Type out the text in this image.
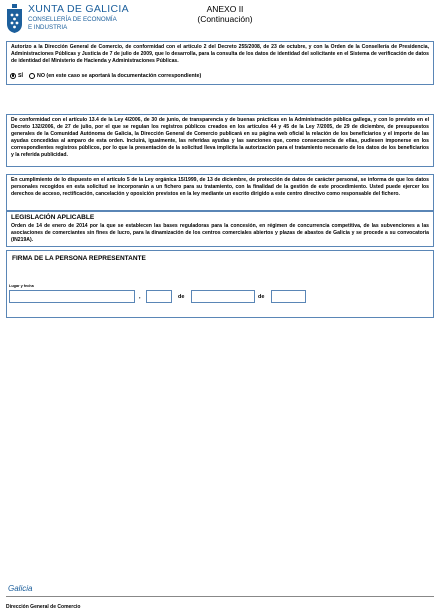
XUNTA DE GALICIA
CONSELLERÍA DE ECONOMÍA
E INDUSTRIA
ANEXO II
(Continuación)
Autorizo a la Dirección General de Comercio, de conformidad con el artículo 2 del Decreto 255/2008, de 23 de octubre, y con la Orden de la Consellería de Presidencia, Administraciones Públicas y Justicia de 7 de julio de 2009, que lo desarrolla, para la consulta de los datos de identidad del solicitante en el Sistema de verificación de datos de identidad del Ministerio de Hacienda y Administraciones Públicas.
SÍ	NO (en este caso se aportará la documentación correspondiente)
De conformidad con el artículo 13.4 de la Ley 4/2006, de 30 de junio, de transparencia y de buenas prácticas en la Administración pública gallega, y con lo previsto en el Decreto 132/2006, de 27 de julio, por el que se regulan los registros públicos creados en los artículos 44 y 45 de la Ley 7/2005, de 29 de diciembre, de presupuestos generales de la Comunidad Autónoma de Galicia, la Dirección General de Comercio publicará en su página web oficial la relación de los beneficiarios y el importe de las ayudas concedidas al amparo de esta orden. Incluirá, igualmente, las referidas ayudas y las sanciones que, como consecuencia de ellas, pudiesen imponerse en los correspondientes registros públicos, por lo que la presentación de la solicitud lleva implícita la autorización para el tratamiento necesario de los datos de los beneficiarios y la referida publicidad.
En cumplimiento de lo dispuesto en el artículo 5 de la Ley orgánica 15/1999, de 13 de diciembre, de protección de datos de carácter personal, se informa de que los datos personales recogidos en esta solicitud se incorporarán a un fichero para su tratamiento, con la finalidad de la gestión de este procedimiento. Usted puede ejercer los derechos de acceso, rectificación, cancelación y oposición previstos en la ley mediante un escrito dirigido a este centro directivo como responsable del fichero.
LEGISLACIÓN APLICABLE
Orden de 14 de enero de 2014 por la que se establecen las bases reguladoras para la concesión, en régimen de concurrencia competitiva, de las subvenciones a las asociaciones de comerciantes sin fines de lucro, para la dinamización de los centros comerciales abiertos y plazas de abastos de Galicia y se procede a su convocatoria (IN219A).
FIRMA DE LA PERSONA REPRESENTANTE
Lugar y fecha
,	de	de
Galicia
Dirección General de Comercio
